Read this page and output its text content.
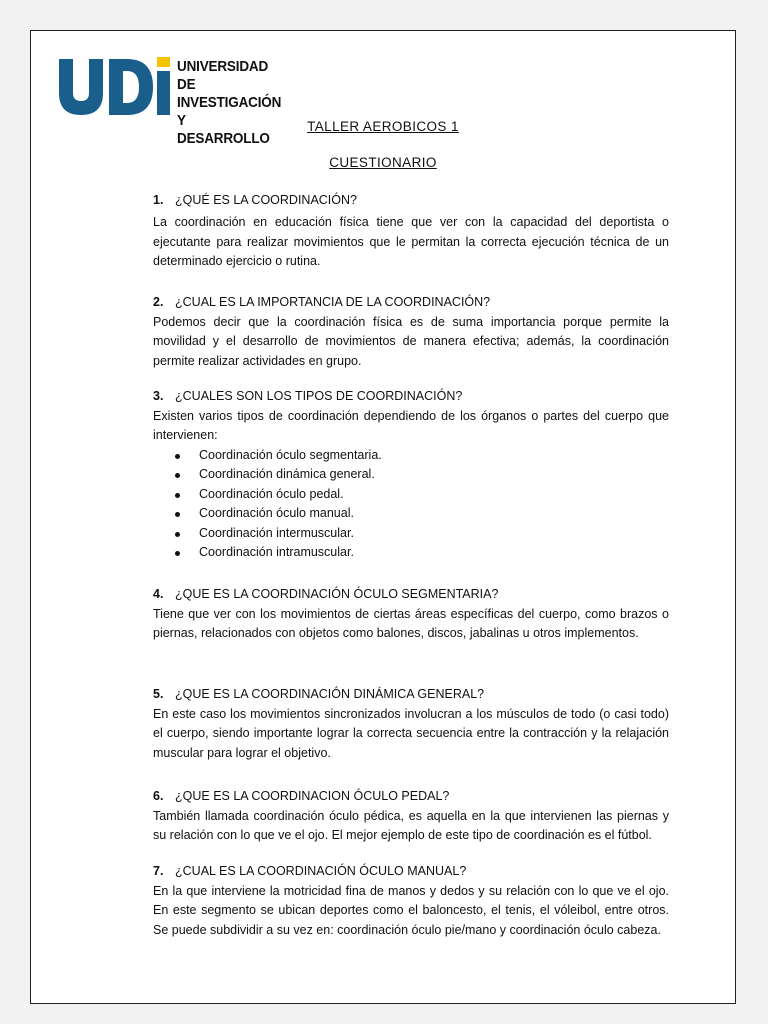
UNIVERSIDAD
DE INVESTIGACIÓN
Y DESARROLLO
TALLER AEROBICOS 1
CUESTIONARIO

1. ¿QUÉ ES LA COORDINACIÓN?

La coordinación en educación física tiene que ver con la capacidad del deportista o ejecutante para realizar movimientos que le permitan la correcta ejecución técnica de un determinado ejercicio o rutina.

2. ¿CUAL ES LA IMPORTANCIA DE LA COORDINACIÓN?

Podemos decir que la coordinación física es de suma importancia porque permite la movilidad y el desarrollo de movimientos de manera efectiva; además, la coordinación permite realizar actividades en grupo.

3. ¿CUALES SON LOS TIPOS DE COORDINACIÓN?

Existen varios tipos de coordinación dependiendo de los órganos o partes del cuerpo que intervienen:

Coordinación óculo segmentaria.
Coordinación dinámica general.
Coordinación óculo pedal.
Coordinación óculo manual.
Coordinación intermuscular.
Coordinación intramuscular.

4. ¿QUE ES LA COORDINACIÓN ÓCULO SEGMENTARIA?

Tiene que ver con los movimientos de ciertas áreas específicas del cuerpo, como brazos o piernas, relacionados con objetos como balones, discos, jabalinas u otros implementos.

5. ¿QUE ES LA COORDINACIÓN DINÁMICA GENERAL?

En este caso los movimientos sincronizados involucran a los músculos de todo (o casi todo) el cuerpo, siendo importante lograr la correcta secuencia entre la contracción y la relajación muscular para lograr el objetivo.

6. ¿QUE ES LA COORDINACION ÓCULO PEDAL?

También llamada coordinación óculo pédica, es aquella en la que intervienen las piernas y su relación con lo que ve el ojo. El mejor ejemplo de este tipo de coordinación es el fútbol.

7. ¿CUAL ES LA COORDINACIÓN ÓCULO MANUAL?

En la que interviene la motricidad fina de manos y dedos y su relación con lo que ve el ojo. En este segmento se ubican deportes como el baloncesto, el tenis, el vóleibol, entre otros. Se puede subdividir a su vez en: coordinación óculo pie/mano y coordinación óculo cabeza.
